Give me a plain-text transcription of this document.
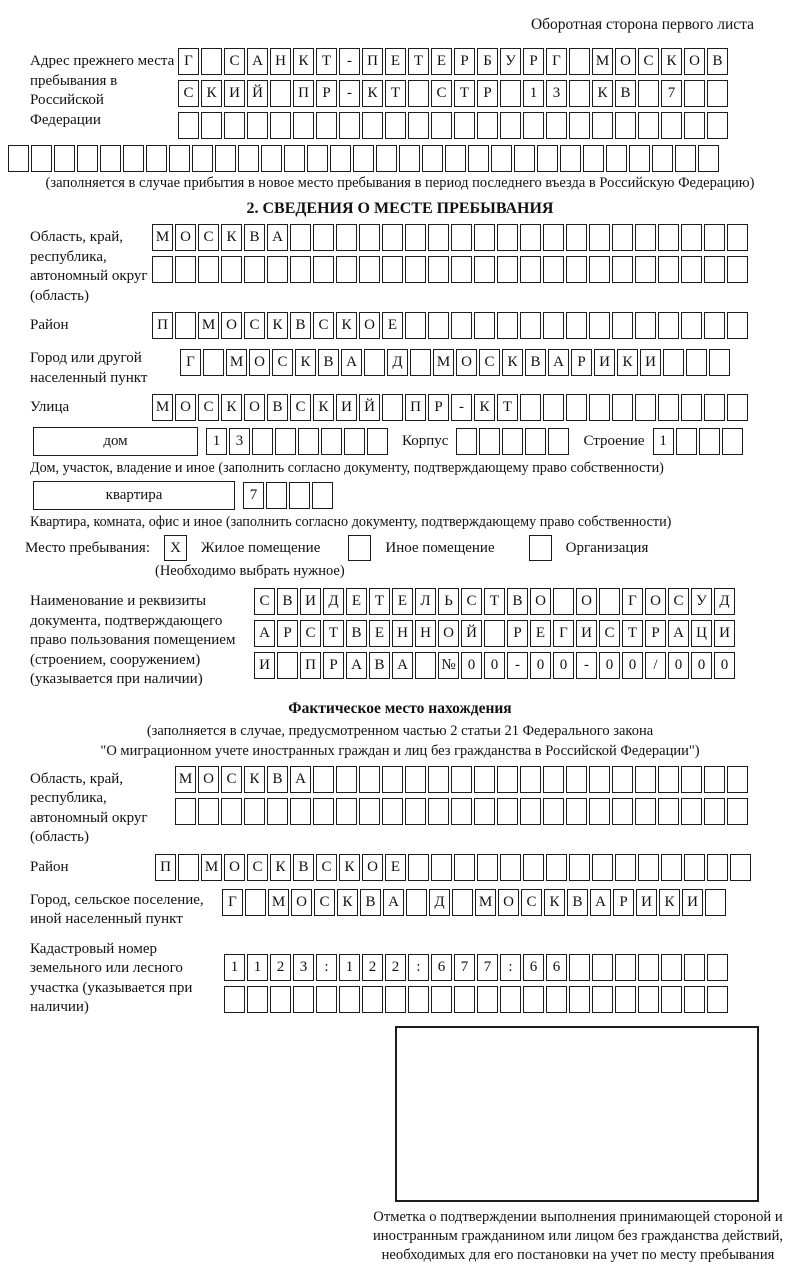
Оборотная сторона первого листа
Адрес прежнего места пребывания в Российской Федерации
Г	С А Н К Т	-	П Е Т Е Р Б У Р Г	М О С К О В
С К И Й	П Р	-	К Т	С Т Р	1	3	К В	7
(заполняется в случае прибытия в новое место пребывания в период последнего въезда в Российскую Федерацию)
2. СВЕДЕНИЯ О МЕСТЕ ПРЕБЫВАНИЯ
Область, край, республика, автономный округ (область)
М О С К В А
Район	П	М О С К В С К О Е
Город или другой населенный пункт
Г	М О С К В А	Д	М О С К В А Р И К И
Улица	М О С К О В С К И Й	П Р	-	К Т
дом	1	3	Корпус	Строение 1
Дом, участок, владение и иное (заполнить согласно документу, подтверждающему право собственности)
квартира	7
Квартира, комната, офис и иное (заполнить согласно документу, подтверждающему право собственности)
Место пребывания:	X	Жилое помещение	Иное помещение	Организация
(Необходимо выбрать нужное)
Наименование и реквизиты документа, подтверждающего право пользования помещением (строением, сооружением) (указывается при наличии)
С В И Д Е Т Е Л Ь С Т В О	О	Г О С У Д
А Р С Т В Е Н Н О Й	Р Е Г И С Т Р А Ц И
И	П Р А В А	№ 0	0	-	0	0	-	0	0	/	0	0	0
Фактическое место нахождения
(заполняется в случае, предусмотренном частью 2 статьи 21 Федерального закона
"О миграционном учете иностранных граждан и лиц без гражданства в Российской Федерации")
Область, край, республика, автономный округ (область)
М О С К В А
Район	П	М О С К В С К О Е
Город, сельское поселение, иной населенный пункт
Г	М О С К В А	Д	М О С К В А Р И К И
Кадастровый номер земельного или лесного участка (указывается при наличии)
1	1	2	3	:	1	2	2	:	6	7	7	:	6	6
Отметка о подтверждении выполнения принимающей стороной и иностранным гражданином или лицом без гражданства действий, необходимых для его постановки на учет по месту пребывания
